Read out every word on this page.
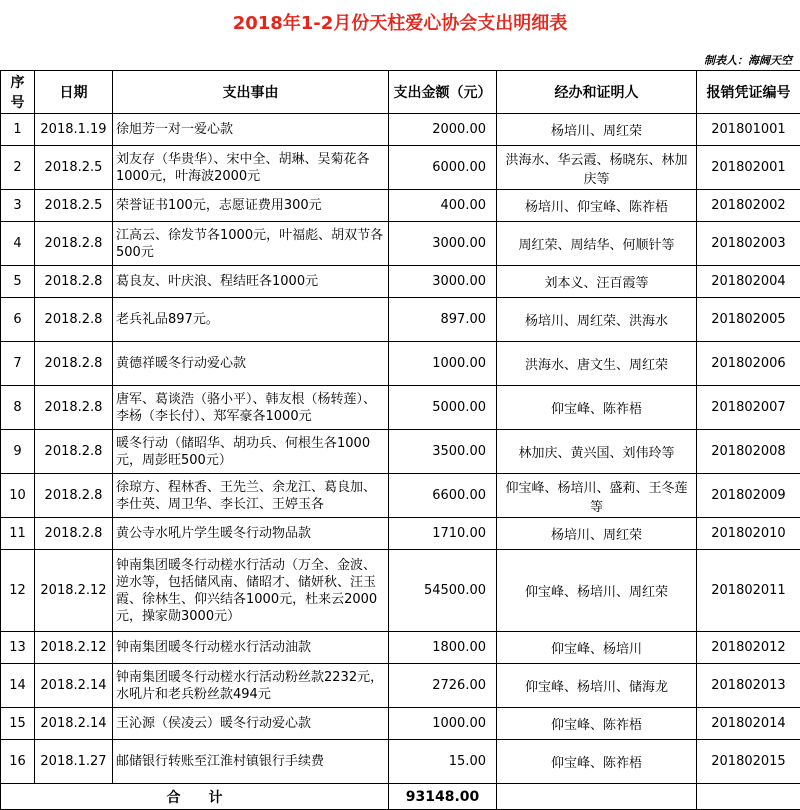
2018年1-2月份天柱爱心协会支出明细表
制表人：海阔天空
序号	日期	支出事由	支出金额（元）	经办和证明人	报销凭证编号
1	2018.1.19	徐旭芳一对一爱心款	2000.00	杨培川、周红荣	201801001
2	2018.2.5	刘友存（华贵华）、宋中全、胡琳、吴菊花各1000元，叶海波2000元	6000.00	洪海水、华云霞、杨晓东、林加庆等	201802001
3	2018.2.5	荣誉证书100元，志愿证费用300元	400.00	杨培川、仰宝峰、陈祚梧	201802002
4	2018.2.8	江高云、徐发节各1000元，叶福彪、胡双节各500元	3000.00	周红荣、周结华、何顺针等	201802003
5	2018.2.8	葛良友、叶庆浪、程结旺各1000元	3000.00	刘本义、汪百霞等	201802004
6	2018.2.8	老兵礼品897元。	897.00	杨培川、周红荣、洪海水	201802005
7	2018.2.8	黄德祥暖冬行动爱心款	1000.00	洪海水、唐文生、周红荣	201802006
8	2018.2.8	唐军、葛谈浩（骆小平）、韩友根（杨转莲）、李杨（李长付）、郑军豪各1000元	5000.00	仰宝峰、陈祚梧	201802007
9	2018.2.8	暖冬行动（储昭华、胡功兵、何根生各1000元，周彭旺500元）	3500.00	林加庆、黄兴国、刘伟玲等	201802008
10	2018.2.8	徐琼方、程林香、王先兰、余龙江、葛良加、李仕英、周卫华、李长江、王婷玉各	6600.00	仰宝峰、杨培川、盛莉、王冬莲等	201802009
11	2018.2.8	黄公寺水吼片学生暖冬行动物品款	1710.00	杨培川、周红荣	201802010
12	2018.2.12	钟南集团暖冬行动槎水行活动（万全、金波、逆水等，包括储风南、储昭才、储妍秋、汪玉霞、徐林生、仰兴结各1000元，杜来云2000元，操家勋3000元）	54500.00	仰宝峰、杨培川、周红荣	201802011
13	2018.2.12	钟南集团暖冬行动槎水行活动油款	1800.00	仰宝峰、杨培川	201802012
14	2018.2.14	钟南集团暖冬行动槎水行活动粉丝款2232元，水吼片和老兵粉丝款494元	2726.00	仰宝峰、杨培川、储海龙	201802013
15	2018.2.14	王沁源（侯凌云）暖冬行动爱心款	1000.00	仰宝峰、陈祚梧	201802014
16	2018.1.27	邮储银行转账至江淮村镇银行手续费	15.00	仰宝峰、陈祚梧	201802015
合　　计			93148.00		
